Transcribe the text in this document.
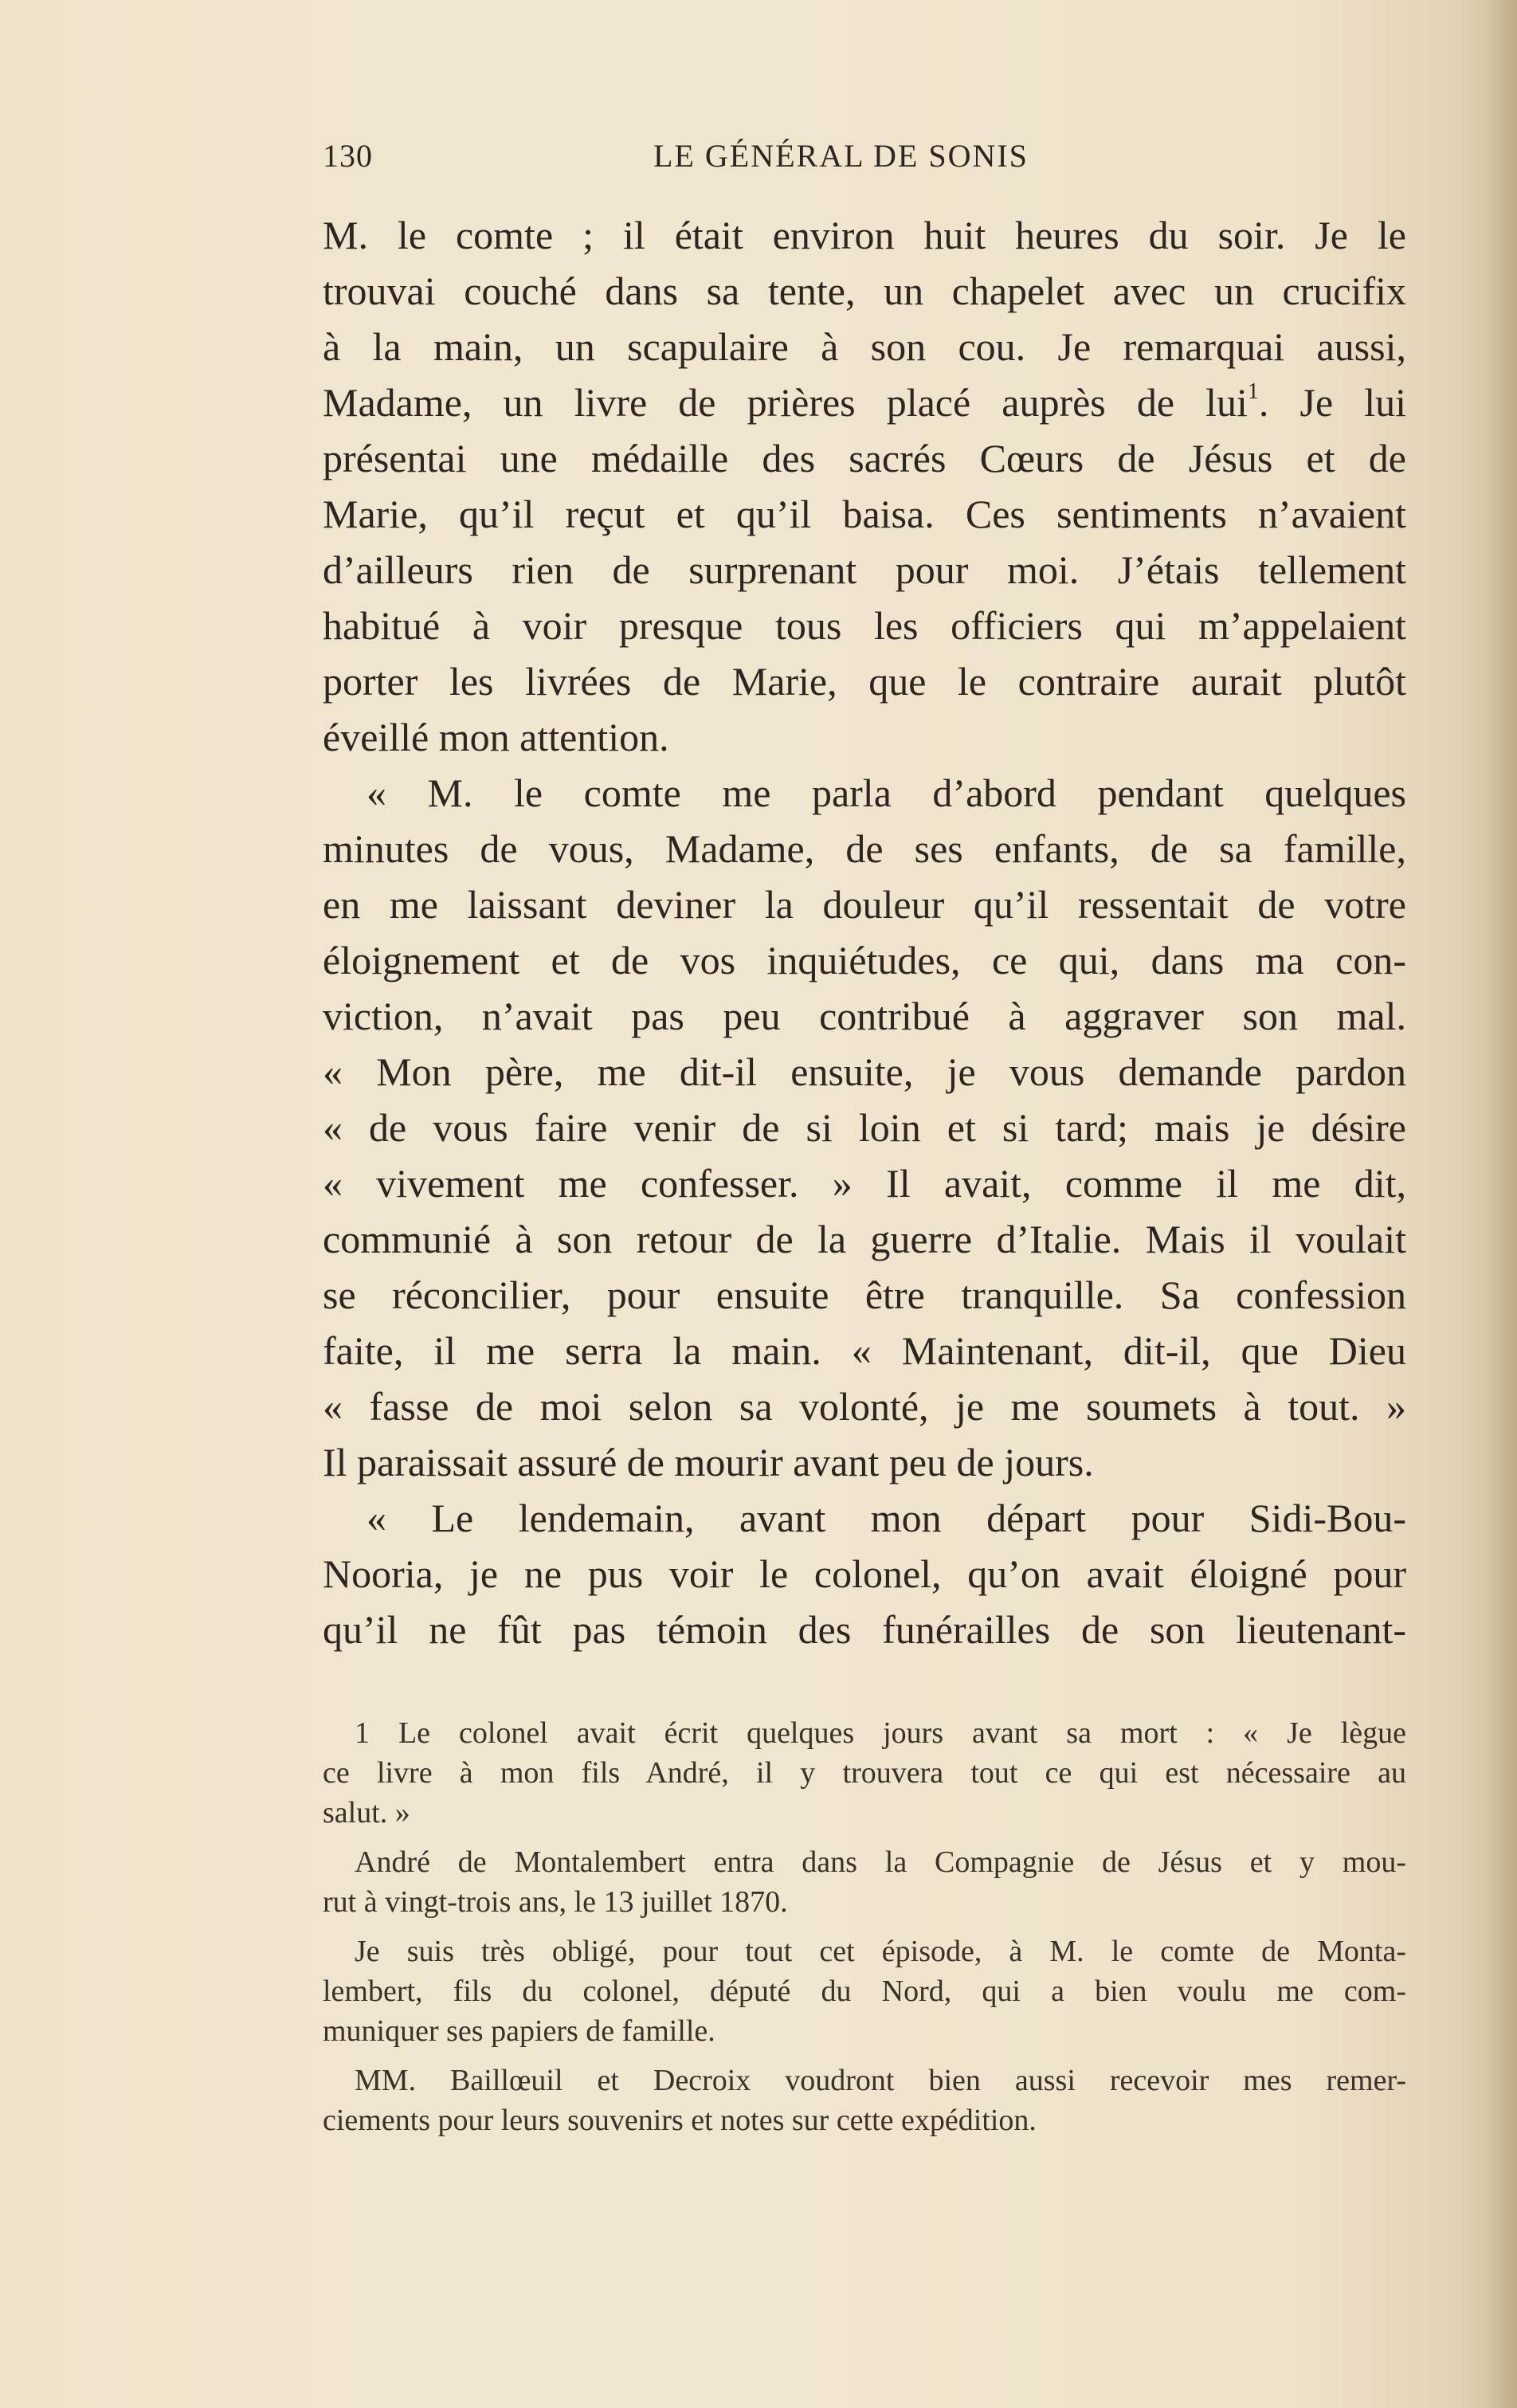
130	LE GÉNÉRAL DE SONIS
M. le comte ; il était environ huit heures du soir. Je le
trouvai couché dans sa tente, un chapelet avec un crucifix
à la main, un scapulaire à son cou. Je remarquai aussi,
Madame, un livre de prières placé auprès de lui$^1$. Je lui
présentai une médaille des sacrés Cœurs de Jésus et de
Marie, qu’il reçut et qu’il baisa. Ces sentiments n’avaient
d’ailleurs rien de surprenant pour moi. J’étais tellement
habitué à voir presque tous les officiers qui m’appelaient
porter les livrées de Marie, que le contraire aurait plutôt
éveillé mon attention.
« M. le comte me parla d’abord pendant quelques
minutes de vous, Madame, de ses enfants, de sa famille,
en me laissant deviner la douleur qu’il ressentait de votre
éloignement et de vos inquiétudes, ce qui, dans ma con-
viction, n’avait pas peu contribué à aggraver son mal.
« Mon père, me dit-il ensuite, je vous demande pardon
« de vous faire venir de si loin et si tard; mais je désire
« vivement me confesser. » Il avait, comme il me dit,
communié à son retour de la guerre d’Italie. Mais il voulait
se réconcilier, pour ensuite être tranquille. Sa confession
faite, il me serra la main. « Maintenant, dit-il, que Dieu
« fasse de moi selon sa volonté, je me soumets à tout. »
Il paraissait assuré de mourir avant peu de jours.
« Le lendemain, avant mon départ pour Sidi-Bou-
Nooria, je ne pus voir le colonel, qu’on avait éloigné pour
qu’il ne fût pas témoin des funérailles de son lieutenant-
1 Le colonel avait écrit quelques jours avant sa mort : « Je lègue
ce livre à mon fils André, il y trouvera tout ce qui est nécessaire au
salut. »
André de Montalembert entra dans la Compagnie de Jésus et y mou-
rut à vingt-trois ans, le 13 juillet 1870.
Je suis très obligé, pour tout cet épisode, à M. le comte de Monta-
lembert, fils du colonel, député du Nord, qui a bien voulu me com-
muniquer ses papiers de famille.
MM. Baillœuil et Decroix voudront bien aussi recevoir mes remer-
ciements pour leurs souvenirs et notes sur cette expédition.
